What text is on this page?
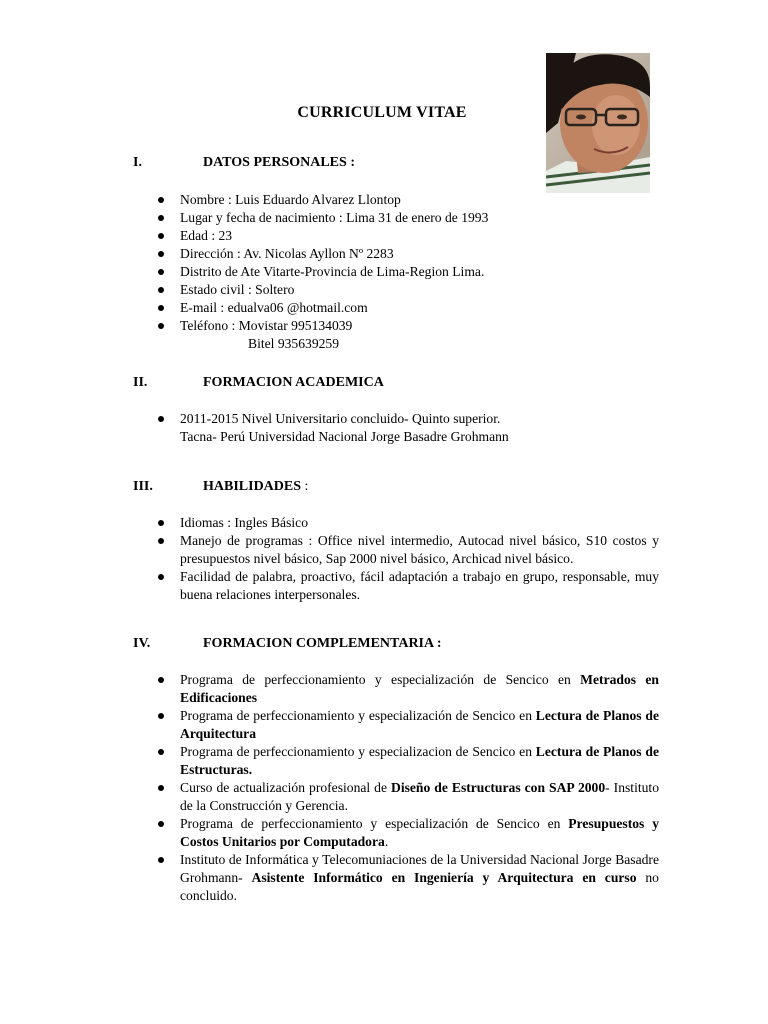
CURRICULUM VITAE
I.	DATOS PERSONALES :
Nombre : Luis Eduardo Alvarez Llontop
Lugar y fecha de nacimiento : Lima 31 de enero de 1993
Edad : 23
Dirección : Av. Nicolas Ayllon Nº 2283
Distrito de Ate Vitarte-Provincia de Lima-Region Lima.
Estado civil : Soltero
E-mail : edualva06 @hotmail.com
Teléfono : Movistar 995134039
Bitel 935639259
II.	FORMACION ACADEMICA
2011-2015 Nivel Universitario concluido- Quinto superior.
Tacna- Perú Universidad Nacional Jorge Basadre Grohmann
III.	HABILIDADES :
Idiomas : Ingles Básico
Manejo de programas : Office nivel intermedio, Autocad nivel básico, S10 costos y presupuestos nivel básico, Sap 2000 nivel básico, Archicad nivel básico.
Facilidad de palabra, proactivo, fácil adaptación a trabajo en grupo, responsable, muy buena relaciones interpersonales.
IV.	FORMACION COMPLEMENTARIA :
Programa de perfeccionamiento y especialización de Sencico en Metrados en Edificaciones
Programa de perfeccionamiento y especialización de Sencico en Lectura de Planos de Arquitectura
Programa de perfeccionamiento y especializacion de Sencico en Lectura de Planos de Estructuras.
Curso de actualización profesional de Diseño de Estructuras con SAP 2000- Instituto de la Construcción y Gerencia.
Programa de perfeccionamiento y especialización de Sencico en Presupuestos y Costos Unitarios por Computadora.
Instituto de Informática y Telecomuniaciones de la Universidad Nacional Jorge Basadre Grohmann- Asistente Informático en Ingeniería y Arquitectura en curso no concluido.
